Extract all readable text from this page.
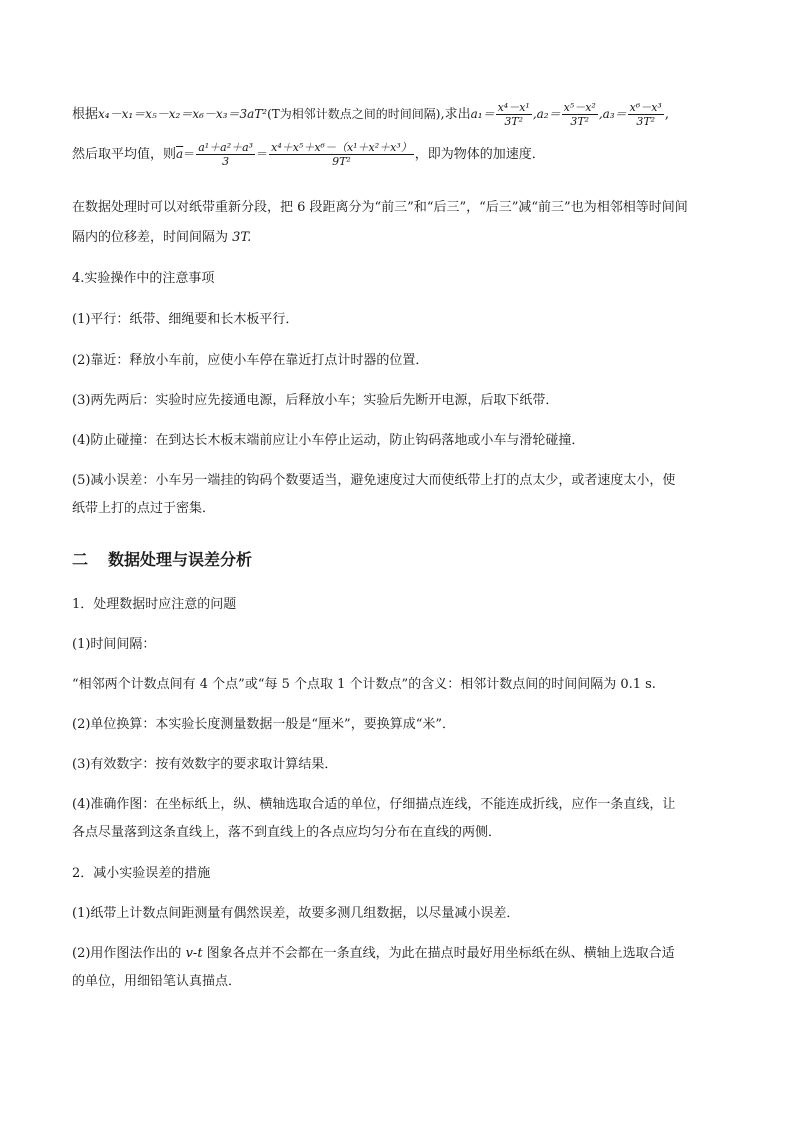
根据x₄－x₁＝x₅－x₂＝x₆－x₃＝3aT²(T为相邻计数点之间的时间间隔),求出$a_1= \frac{\text{x⁴－x¹}}{\text{3T²}} ,a_2= \frac{\text{x⁵－x²}}{\text{3T²}} ,a_3= \frac{\text{x⁶－x³}}{\text{3T²}}$ ,
然后取平均值，则$\overline{a}= \frac{\text{a¹＋a²＋a³}}{3} = \frac{\text{x⁴＋x⁵＋x⁶－（x¹＋x²＋x³）}}{\text{9T²}}$ ，即为物体的加速度．
在数据处理时可以对纸带重新分段，把 6 段距离分为“前三”和“后三”，“后三”减“前三”也为相邻相等时间间
隔内的位移差，时间间隔为 3T.
4.实验操作中的注意事项
(1)平行：纸带、细绳要和长木板平行．
(2)靠近：释放小车前，应使小车停在靠近打点计时器的位置．
(3)两先两后：实验时应先接通电源，后释放小车；实验后先断开电源，后取下纸带．
(4)防止碰撞：在到达长木板末端前应让小车停止运动，防止钩码落地或小车与滑轮碰撞．
(5)减小误差：小车另一端挂的钩码个数要适当，避免速度过大而使纸带上打的点太少，或者速度太小，使
纸带上打的点过于密集．
二 数据处理与误差分析
1．处理数据时应注意的问题
(1)时间间隔：
“相邻两个计数点间有 4 个点”或“每 5 个点取 1 个计数点”的含义：相邻计数点间的时间间隔为 0.1 s.
(2)单位换算：本实验长度测量数据一般是“厘米”，要换算成“米”．
(3)有效数字：按有效数字的要求取计算结果．
(4)准确作图：在坐标纸上，纵、横轴选取合适的单位，仔细描点连线，不能连成折线，应作一条直线，让
各点尽量落到这条直线上，落不到直线上的各点应均匀分布在直线的两侧．
2．减小实验误差的措施
(1)纸带上计数点间距测量有偶然误差，故要多测几组数据，以尽量减小误差．
(2)用作图法作出的 v-t 图象各点并不会都在一条直线，为此在描点时最好用坐标纸在纵、横轴上选取合适
的单位，用细铅笔认真描点．
